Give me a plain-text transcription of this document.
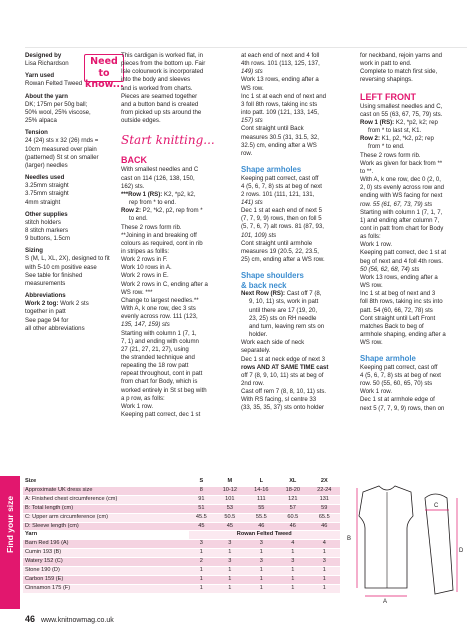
Designed by
Lisa Richardson
Yarn used
Rowan Felted Tweed
About the yarn
DK; 175m per 50g ball;
50% wool, 25% viscose,
25% alpaca
Tension
24 (24) sts x 32 (26) rnds =
10cm measured over plain
(patterned) St st on smaller
(larger) needles
Needles used
3.25mm straight
3.75mm straight
4mm straight
Other supplies
stitch holders
8 stitch markers
9 buttons, 1.5cm
Sizing
S (M, L, XL, 2X), designed to fit
with 5-10 cm positive ease
See table for finished
measurements
Abbreviations
Work 2 tog: Work 2 sts
together in patt
See page 94 for
all other abbreviations
Need to know...
This cardigan is worked flat, in
pieces from the bottom up. Fair
Isle colourwork is incorporated
into the body and sleeves
and is worked from charts.
Pieces are seamed together
and a button band is created
from picked up sts around the
outside edges.
Start knitting...
BACK
With smallest needles and C
cast on 114 (126, 138, 150,
162) sts.
***Row 1 (RS): K2, *p2, k2,
rep from * to end.
Row 2: P2, *k2, p2, rep from *
to end.
These 2 rows form rib.
**Joining in and breaking off
colours as required, cont in rib
in stripes as follls:
Work 2 rows in F.
Work 10 rows in A.
Work 2 rows in E.
Work 2 rows in C, ending after a
WS row. ***
Change to largest needles.**
With A, k one row, dec 3 sts
evenly across row. 111 (123,
135, 147, 159) sts
Starting with column 1 (7, 1,
7, 1) and ending with column
27 (21, 27, 21, 27), using
the stranded technique and
repeating the 18 row patt
repeat throughout, cont in patt
from chart for Body, which is
worked entirely in St st beg with
a p row, as folls:
Work 1 row.
Keeping patt correct, dec 1 st
at each end of next and 4 foll
4th rows. 101 (113, 125, 137,
149) sts
Work 13 rows, ending after a
WS row.
Inc 1 st at each end of next and
3 foll 8th rows, taking inc sts
into patt. 109 (121, 133, 145,
157) sts
Cont straight until Back
measures 30.5 (31, 31.5, 32,
32.5) cm, ending after a WS
row.
Shape armholes
Keeping patt correct, cast off
4 (5, 6, 7, 8) sts at beg of next
2 rows. 101 (111, 121, 131,
141) sts
Dec 1 st at each end of next 5
(7, 7, 9, 9) rows, then on foll 5
(5, 7, 6, 7) alt rows. 81 (87, 93,
101, 109) sts
Cont straight until armhole
measures 19 (20.5, 22, 23.5,
25) cm, ending after a WS row.
Shape shoulders
& back neck
Next Row (RS): Cast off 7 (8,
9, 10, 11) sts, work in patt
until there are 17 (19, 20,
23, 25) sts on RH needle
and turn, leaving rem sts on
holder.
Work each side of neck
separately.
Dec 1 st at neck edge of next 3
rows AND AT SAME TIME cast
off 7 (8, 9, 10, 11) sts at beg of
2nd row.
Cast off rem 7 (8, 8, 10, 11) sts.
With RS facing, sl centre 33
(33, 35, 35, 37) sts onto holder
for neckband, rejoin yarns and
work in patt to end.
Complete to match first side,
reversing shapings.
LEFT FRONT
Using smallest needles and C,
cast on 55 (63, 67, 75, 79) sts.
Row 1 (RS): K2, *p2, k2; rep
from * to last st, K1.
Row 2: K1, p2, *k2, p2; rep
from * to end.
These 2 rows form rib.
Work as given for back from **
to **.
With A, k one row, dec 0 (2, 0,
2, 0) sts evenly across row and
ending with WS facing for next
row. 55 (61, 67, 73, 79) sts
Starting with column 1 (7, 1, 7,
1) and ending after column 7,
cont in patt from chart for Body
as folls:
Work 1 row.
Keeping patt correct, dec 1 st at
beg of next and 4 foll 4th rows.
50 (56, 62, 68, 74) sts
Work 13 rows, ending after a
WS row.
Inc 1 st at beg of next and 3
foll 8th rows, taking inc sts into
patt. 54 (60, 66, 72, 78) sts
Cont straight until Left Front
matches Back to beg of
armhole shaping, ending after a
WS row.
Shape armhole
Keeping patt correct, cast off
4 (5, 6, 7, 8) sts at beg of next
row. 50 (55, 60, 65, 70) sts
Work 1 row.
Dec 1 st at armhole edge of
next 5 (7, 7, 9, 9) rows, then on
Find your size
Size	S	M	L	XL	2X
Approximate UK dress size	8	10-12	14-16	18-20	22-24
A: Finished chest circumference (cm)	91	101	111	121	131
B: Total length (cm)	51	53	55	57	59
C: Upper arm circumference (cm)	45.5	50.5	55.5	60.5	65.5
D: Sleeve length (cm)	45	45	46	46	46
Yarn	Rowan Felted Tweed				
Barn Red 196 (A)	3	3	3	4	4
Cumin 193 (B)	1	1	1	1	1
Watery 152 (C)	2	3	3	3	3
Stone 190 (D)	1	1	1	1	1
Carbon 159 (E)	1	1	1	1	1
Cinnamon 175 (F)	1	1	1	1	1
A
B
C
D
46 www.knitnowmag.co.uk
